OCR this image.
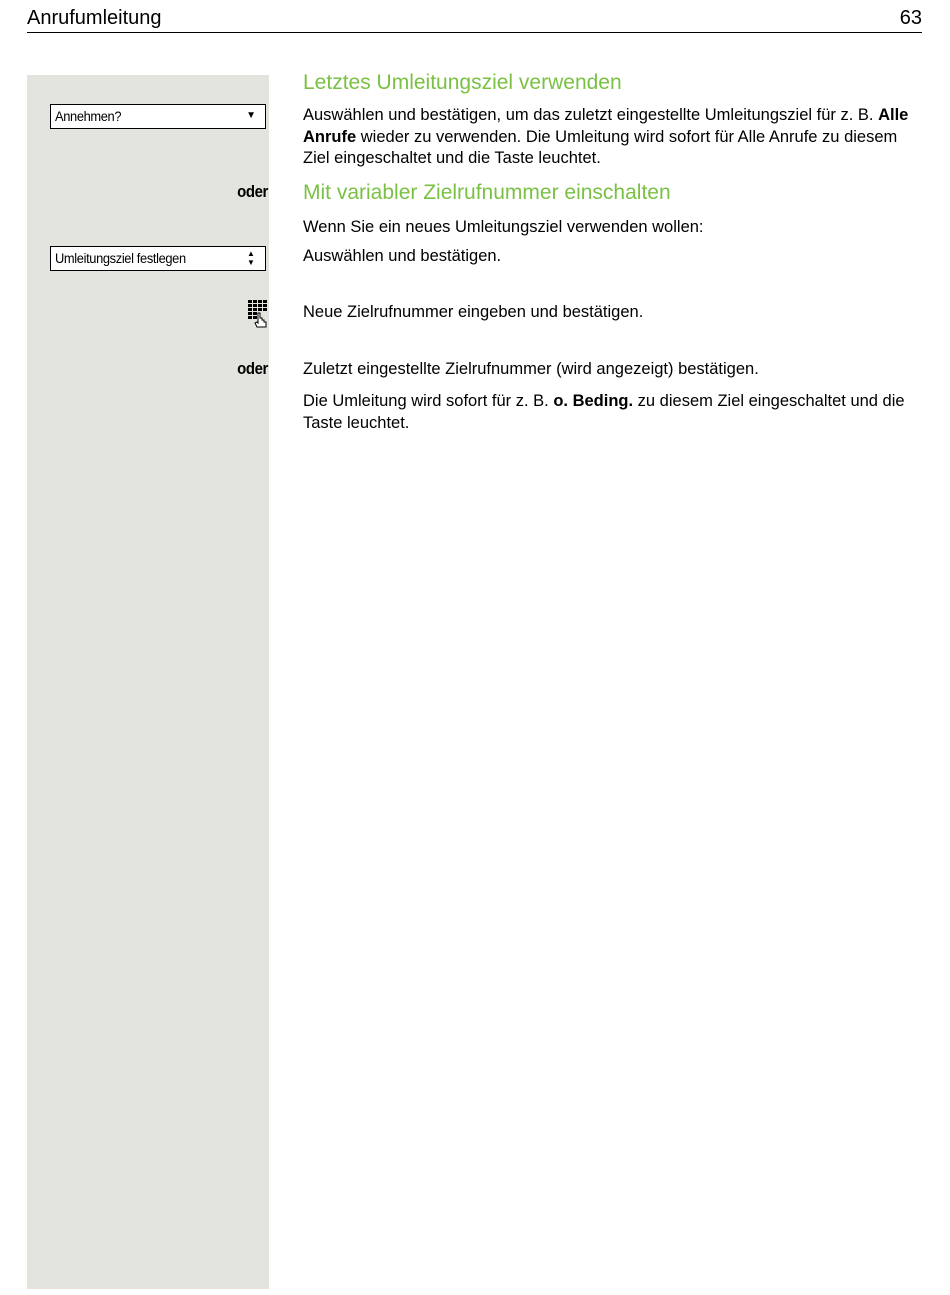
Anrufumleitung	63
Annehmen?	▼
oder
Umleitungsziel festlegen	▲
▼
oder
Letztes Umleitungsziel verwenden
Auswählen und bestätigen, um das zuletzt eingestellte Umleitungsziel für z. B. Alle Anrufe wieder zu verwenden. Die Umleitung wird sofort für Alle Anrufe zu diesem Ziel eingeschaltet und die Taste leuchtet.
Mit variabler Zielrufnummer einschalten
Wenn Sie ein neues Umleitungsziel verwenden wollen:
Auswählen und bestätigen.
Neue Zielrufnummer eingeben und bestätigen.
Zuletzt eingestellte Zielrufnummer (wird angezeigt) bestätigen.
Die Umleitung wird sofort für z. B. o. Beding. zu diesem Ziel eingeschaltet und die Taste leuchtet.
